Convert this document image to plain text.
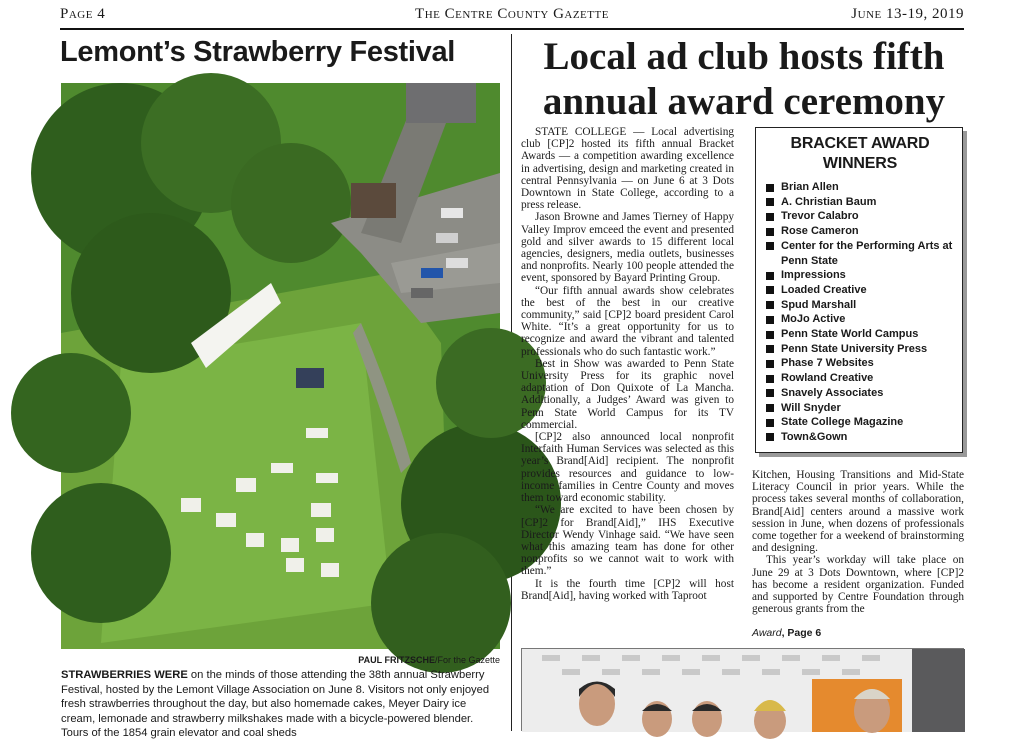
Page 4	The Centre County Gazette	June 13-19, 2019
Lemont’s Strawberry Festival
PAUL FRITZSCHE/For the Gazette

STRAWBERRIES WERE on the minds of those attending the 38th annual Strawberry Festival, hosted by the Lemont Village Association on June 8. Visitors not only enjoyed fresh strawberries throughout the day, but also homemade cakes, Meyer Dairy ice cream, lemonade and strawberry milkshakes made with a bicycle-powered blender. Tours of the 1854 grain elevator and coal sheds

Local ad club hosts fifth annual award ceremony

STATE COLLEGE — Local advertising club [CP]2 hosted its fifth annual Bracket Awards — a competition awarding excellence in advertising, design and marketing created in central Pennsylvania — on June 6 at 3 Dots Downtown in State College, according to a press release.

Jason Browne and James Tierney of Happy Valley Improv emceed the event and presented gold and silver awards to 15 different local agencies, designers, media outlets, businesses and nonprofits. Nearly 100 people attended the event, sponsored by Bayard Printing Group.

“Our fifth annual awards show celebrates the best of the best in our creative community,” said [CP]2 board president Carol White. “It’s a great opportunity for us to recognize and award the vibrant and talented professionals who do such fantastic work.”

Best in Show was awarded to Penn State University Press for its graphic novel adaptation of Don Quixote of La Mancha. Additionally, a Judges’ Award was given to Penn State World Campus for its TV commercial.

[CP]2 also announced local nonprofit Interfaith Human Services was selected as this year’s Brand[Aid] recipient. The nonprofit provides resources and guidance to low-income families in Centre County and moves them toward economic stability.

“We are excited to have been chosen by [CP]2 for Brand[Aid],” IHS Executive Director Wendy Vinhage said. “We have seen what this amazing team has done for other nonprofits so we cannot wait to work with them.”

It is the fourth time [CP]2 will host Brand[Aid], having worked with Taproot

BRACKET AWARD WINNERS
Brian Allen
A. Christian Baum
Trevor Calabro
Rose Cameron
Center for the Performing Arts at Penn State
Impressions
Loaded Creative
Spud Marshall
MoJo Active
Penn State World Campus
Penn State University Press
Phase 7 Websites
Rowland Creative
Snavely Associates
Will Snyder
State College Magazine
Town&Gown

Kitchen, Housing Transitions and Mid-State Literacy Council in prior years. While the process takes several months of collaboration, Brand[Aid] centers around a massive work session in June, when dozens of professionals come together for a weekend of brainstorming and designing.

This year’s workday will take place on June 29 at 3 Dots Downtown, where [CP]2 has become a resident organization. Funded and supported by Centre Foundation through generous grants from the

Award, Page 6
